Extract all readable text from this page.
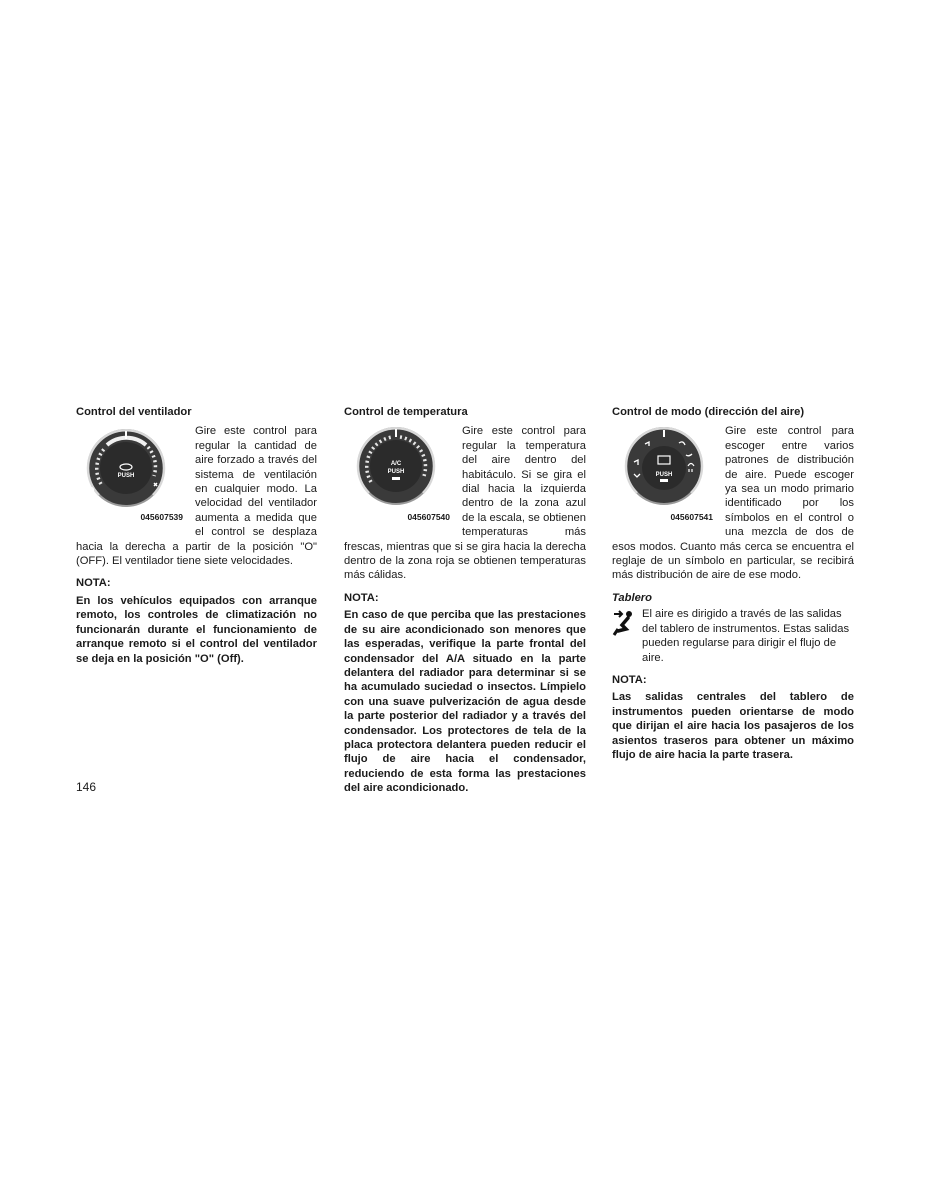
Control del ventilador
PUSH
045607539

Gire este control para regular la cantidad de aire forzado a través del sistema de ventilación en cualquier modo. La velocidad del ventilador aumenta a medida que el control se desplaza hacia la derecha a partir de la posición "O" (OFF). El ventilador tiene siete velocidades.

NOTA:

En los vehículos equipados con arranque remoto, los controles de climatización no funcionarán durante el funcionamiento de arranque remoto si el control del ventilador se deja en la posición "O" (Off).

Control de temperatura
A/C
PUSH
045607540

Gire este control para regular la temperatura del aire dentro del habitáculo. Si se gira el dial hacia la izquierda dentro de la zona azul de la escala, se obtienen temperaturas más frescas, mientras que si se gira hacia la derecha dentro de la zona roja se obtienen temperaturas más cálidas.

NOTA:

En caso de que perciba que las prestaciones de su aire acondicionado son menores que las esperadas, verifique la parte frontal del condensador del A/A situado en la parte delantera del radiador para determinar si se ha acumulado suciedad o insectos. Límpielo con una suave pulverización de agua desde la parte posterior del radiador y a través del condensador. Los protectores de tela de la placa protectora delantera pueden reducir el flujo de aire hacia el condensador, reduciendo de esta forma las prestaciones del aire acondicionado.

Control de modo (dirección del aire)
PUSH
045607541

Gire este control para escoger entre varios patrones de distribución de aire. Puede escoger ya sea un modo primario identificado por los símbolos en el control o una mezcla de dos de esos modos. Cuanto más cerca se encuentra el reglaje de un símbolo en particular, se recibirá más distribución de aire de ese modo.

Tablero

El aire es dirigido a través de las salidas del tablero de instrumentos. Estas salidas pueden regularse para dirigir el flujo de aire.

NOTA:

Las salidas centrales del tablero de instrumentos pueden orientarse de modo que dirijan el aire hacia los pasajeros de los asientos traseros para obtener un máximo flujo de aire hacia la parte trasera.

146
